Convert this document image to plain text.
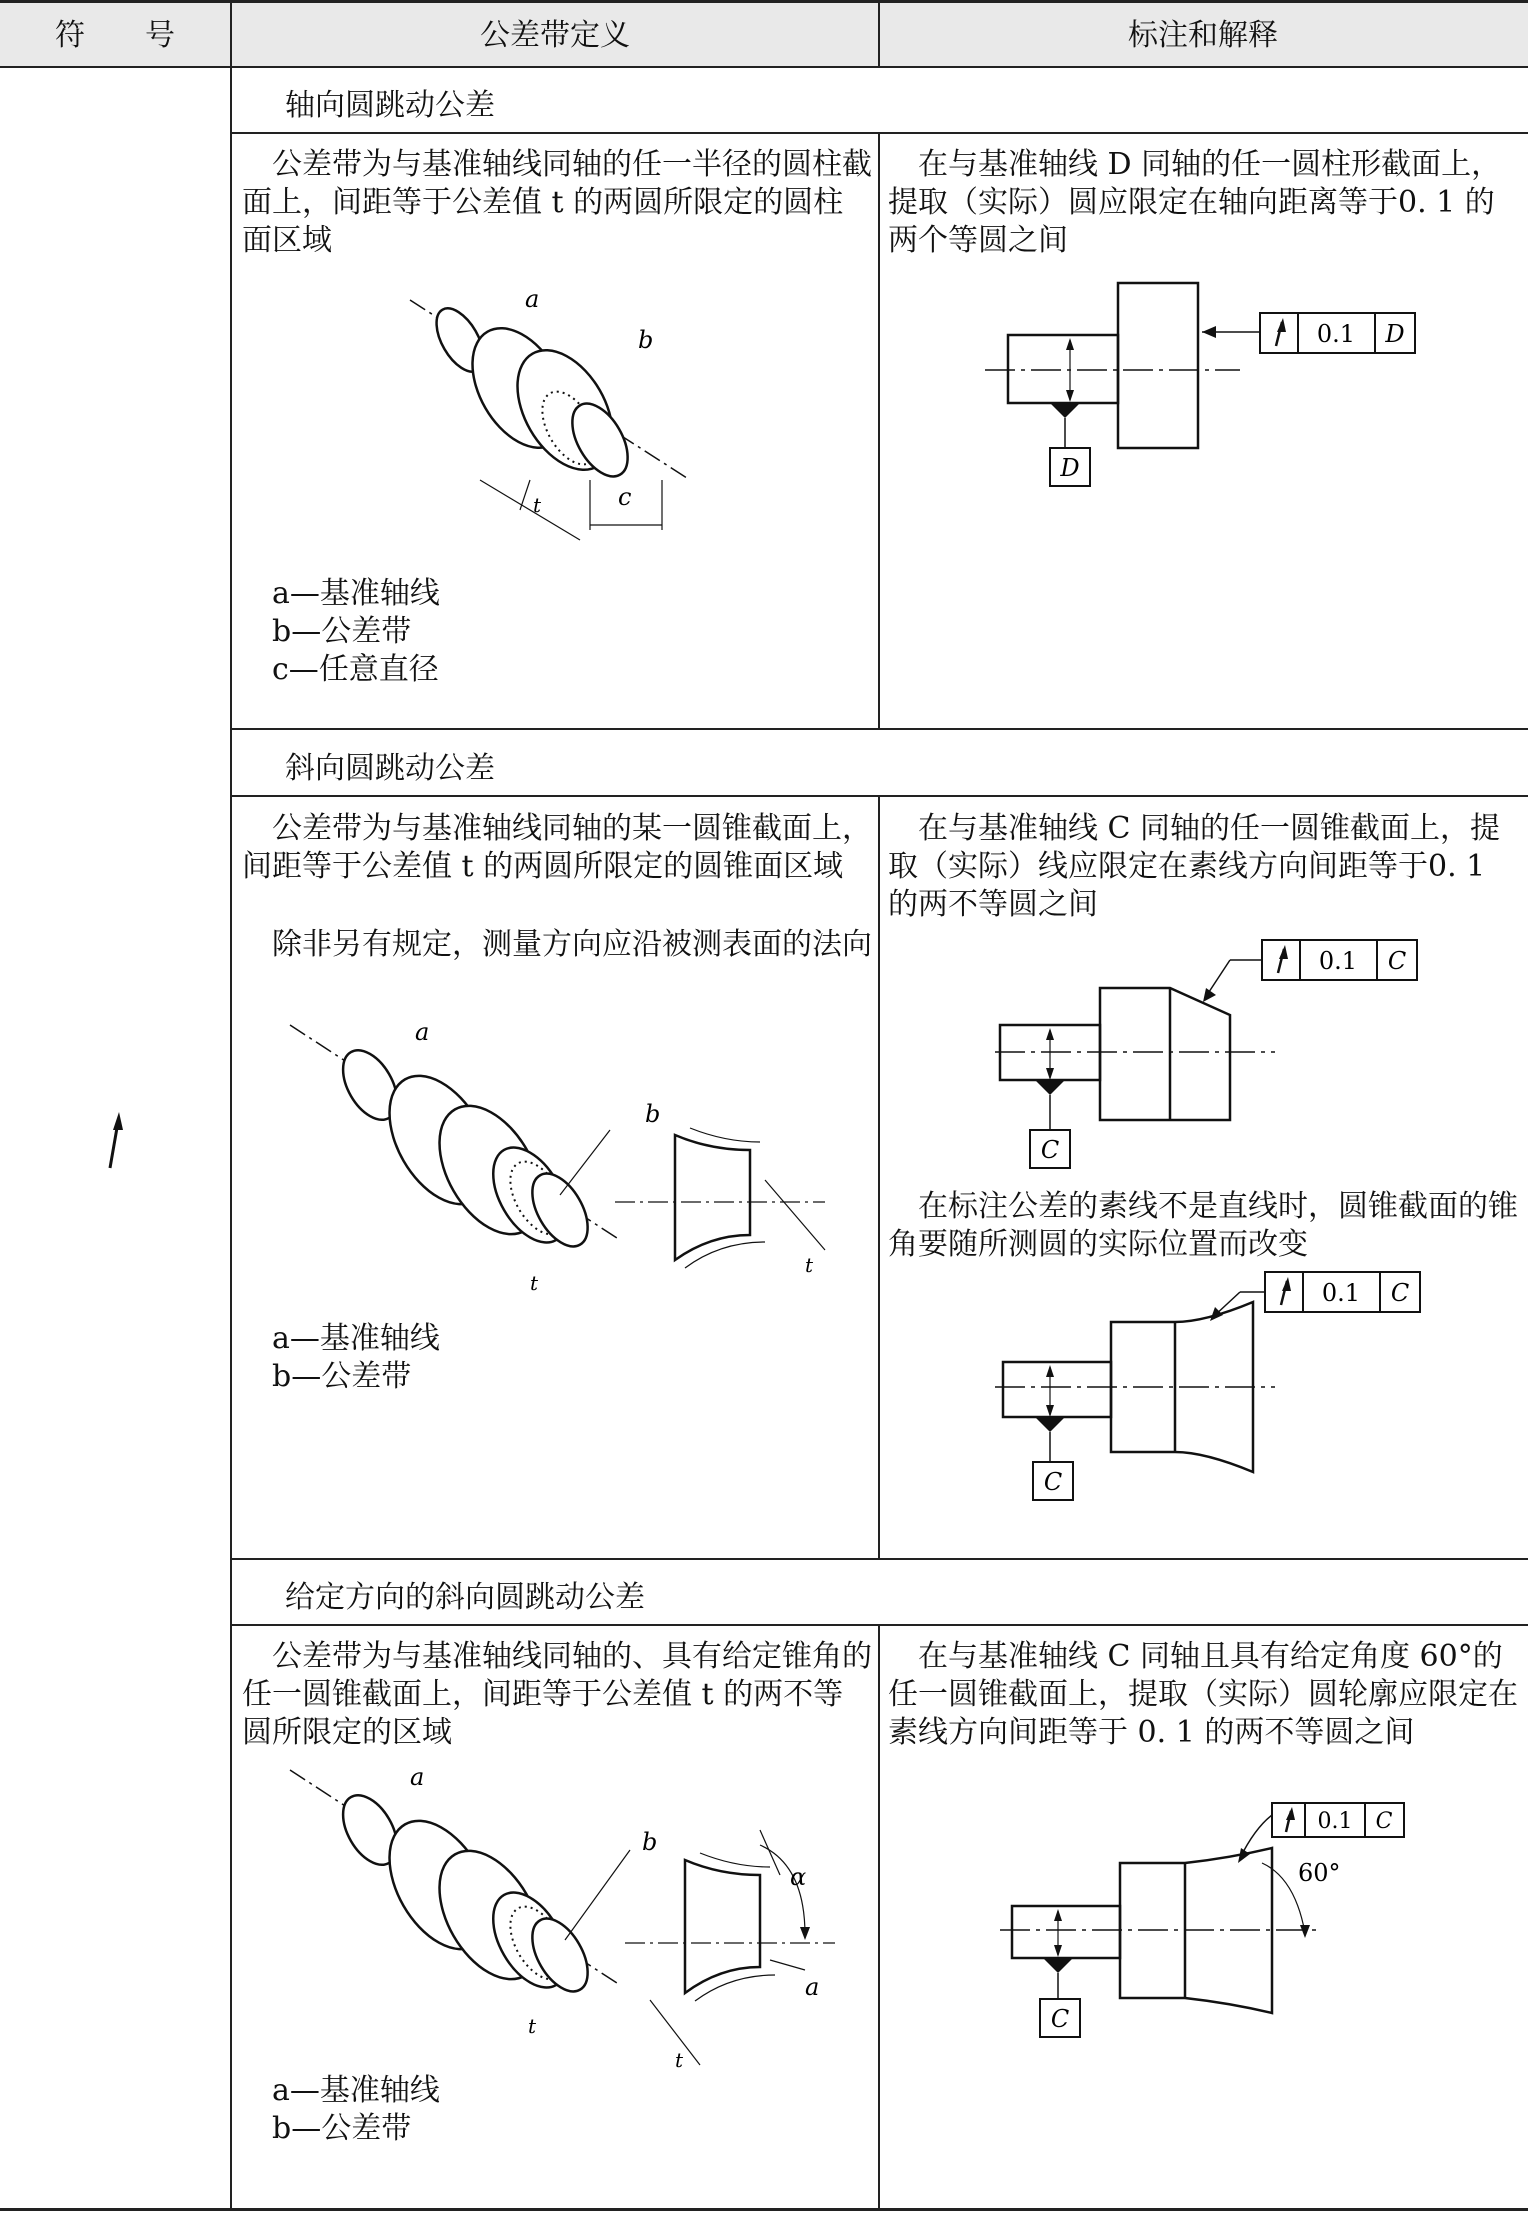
符　　号	公差带定义	标注和解释
轴向圆跳动公差
公差带为与基准轴线同轴的任一半径的圆柱截面上，间距等于公差值 t 的两圆所限定的圆柱面区域
在与基准轴线 D 同轴的任一圆柱形截面上，提取（实际）圆应限定在轴向距离等于0. 1 的两个等圆之间
a
b
c
t
a—基准轴线
b—公差带
c—任意直径
D
0.1 D
斜向圆跳动公差
公差带为与基准轴线同轴的某一圆锥截面上，间距等于公差值 t 的两圆所限定的圆锥面区域
除非另有规定，测量方向应沿被测表面的法向
在与基准轴线 C 同轴的任一圆锥截面上，提取（实际）线应限定在素线方向间距等于0. 1 的两不等圆之间
a
b
t
t
a—基准轴线
b—公差带
C
0.1 C
在标注公差的素线不是直线时，圆锥截面的锥角要随所测圆的实际位置而改变
C
0.1 C
给定方向的斜向圆跳动公差
公差带为与基准轴线同轴的、具有给定锥角的任一圆锥截面上，间距等于公差值 t 的两不等圆所限定的区域
在与基准轴线 C 同轴且具有给定角度 60°的任一圆锥截面上，提取（实际）圆轮廓应限定在素线方向间距等于 0. 1 的两不等圆之间
a
b
t
α
a
t
a—基准轴线
b—公差带
C
0.1 C
60°
